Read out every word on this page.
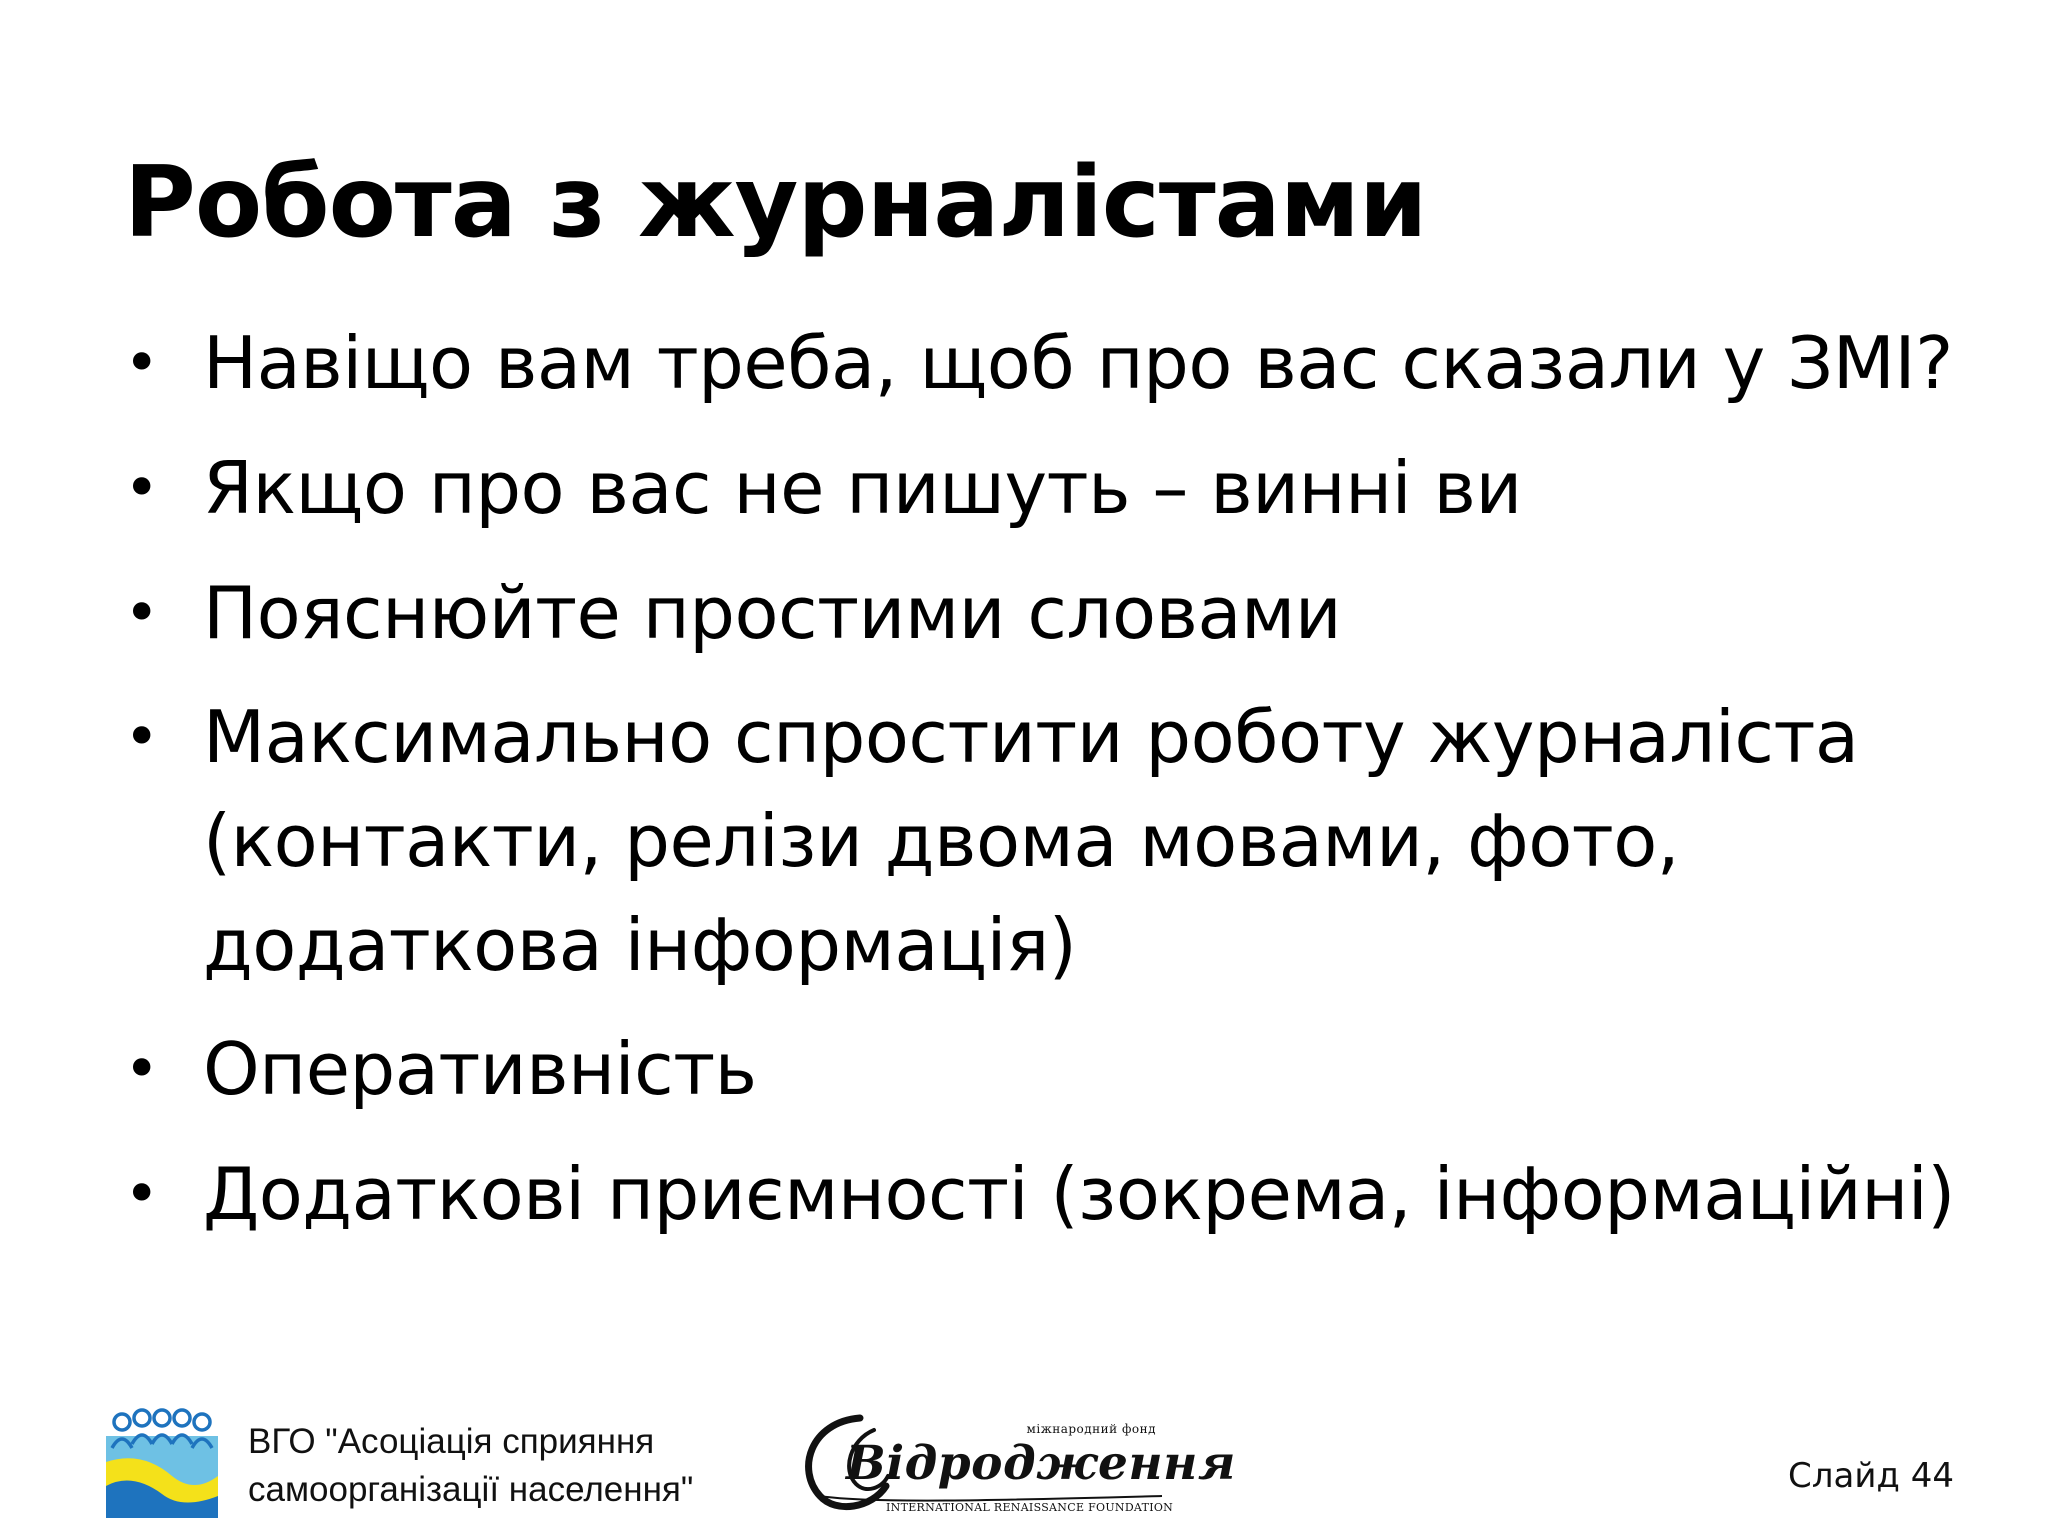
Робота з журналістами
• Навіщо вам треба, щоб про вас сказали у ЗМІ?
• Якщо про вас не пишуть – винні ви
• Пояснюйте простими словами
• Максимально спростити роботу журналіста
(контакти, релізи двома мовами, фото,
додаткова інформація)
• Оперативність
• Додаткові приємності (зокрема, інформаційні)

ВГО "Асоціація сприяння
самоорганізації населення"

міжнародний фонд
Відродження
INTERNATIONAL RENAISSANCE FOUNDATION

Слайд 44
